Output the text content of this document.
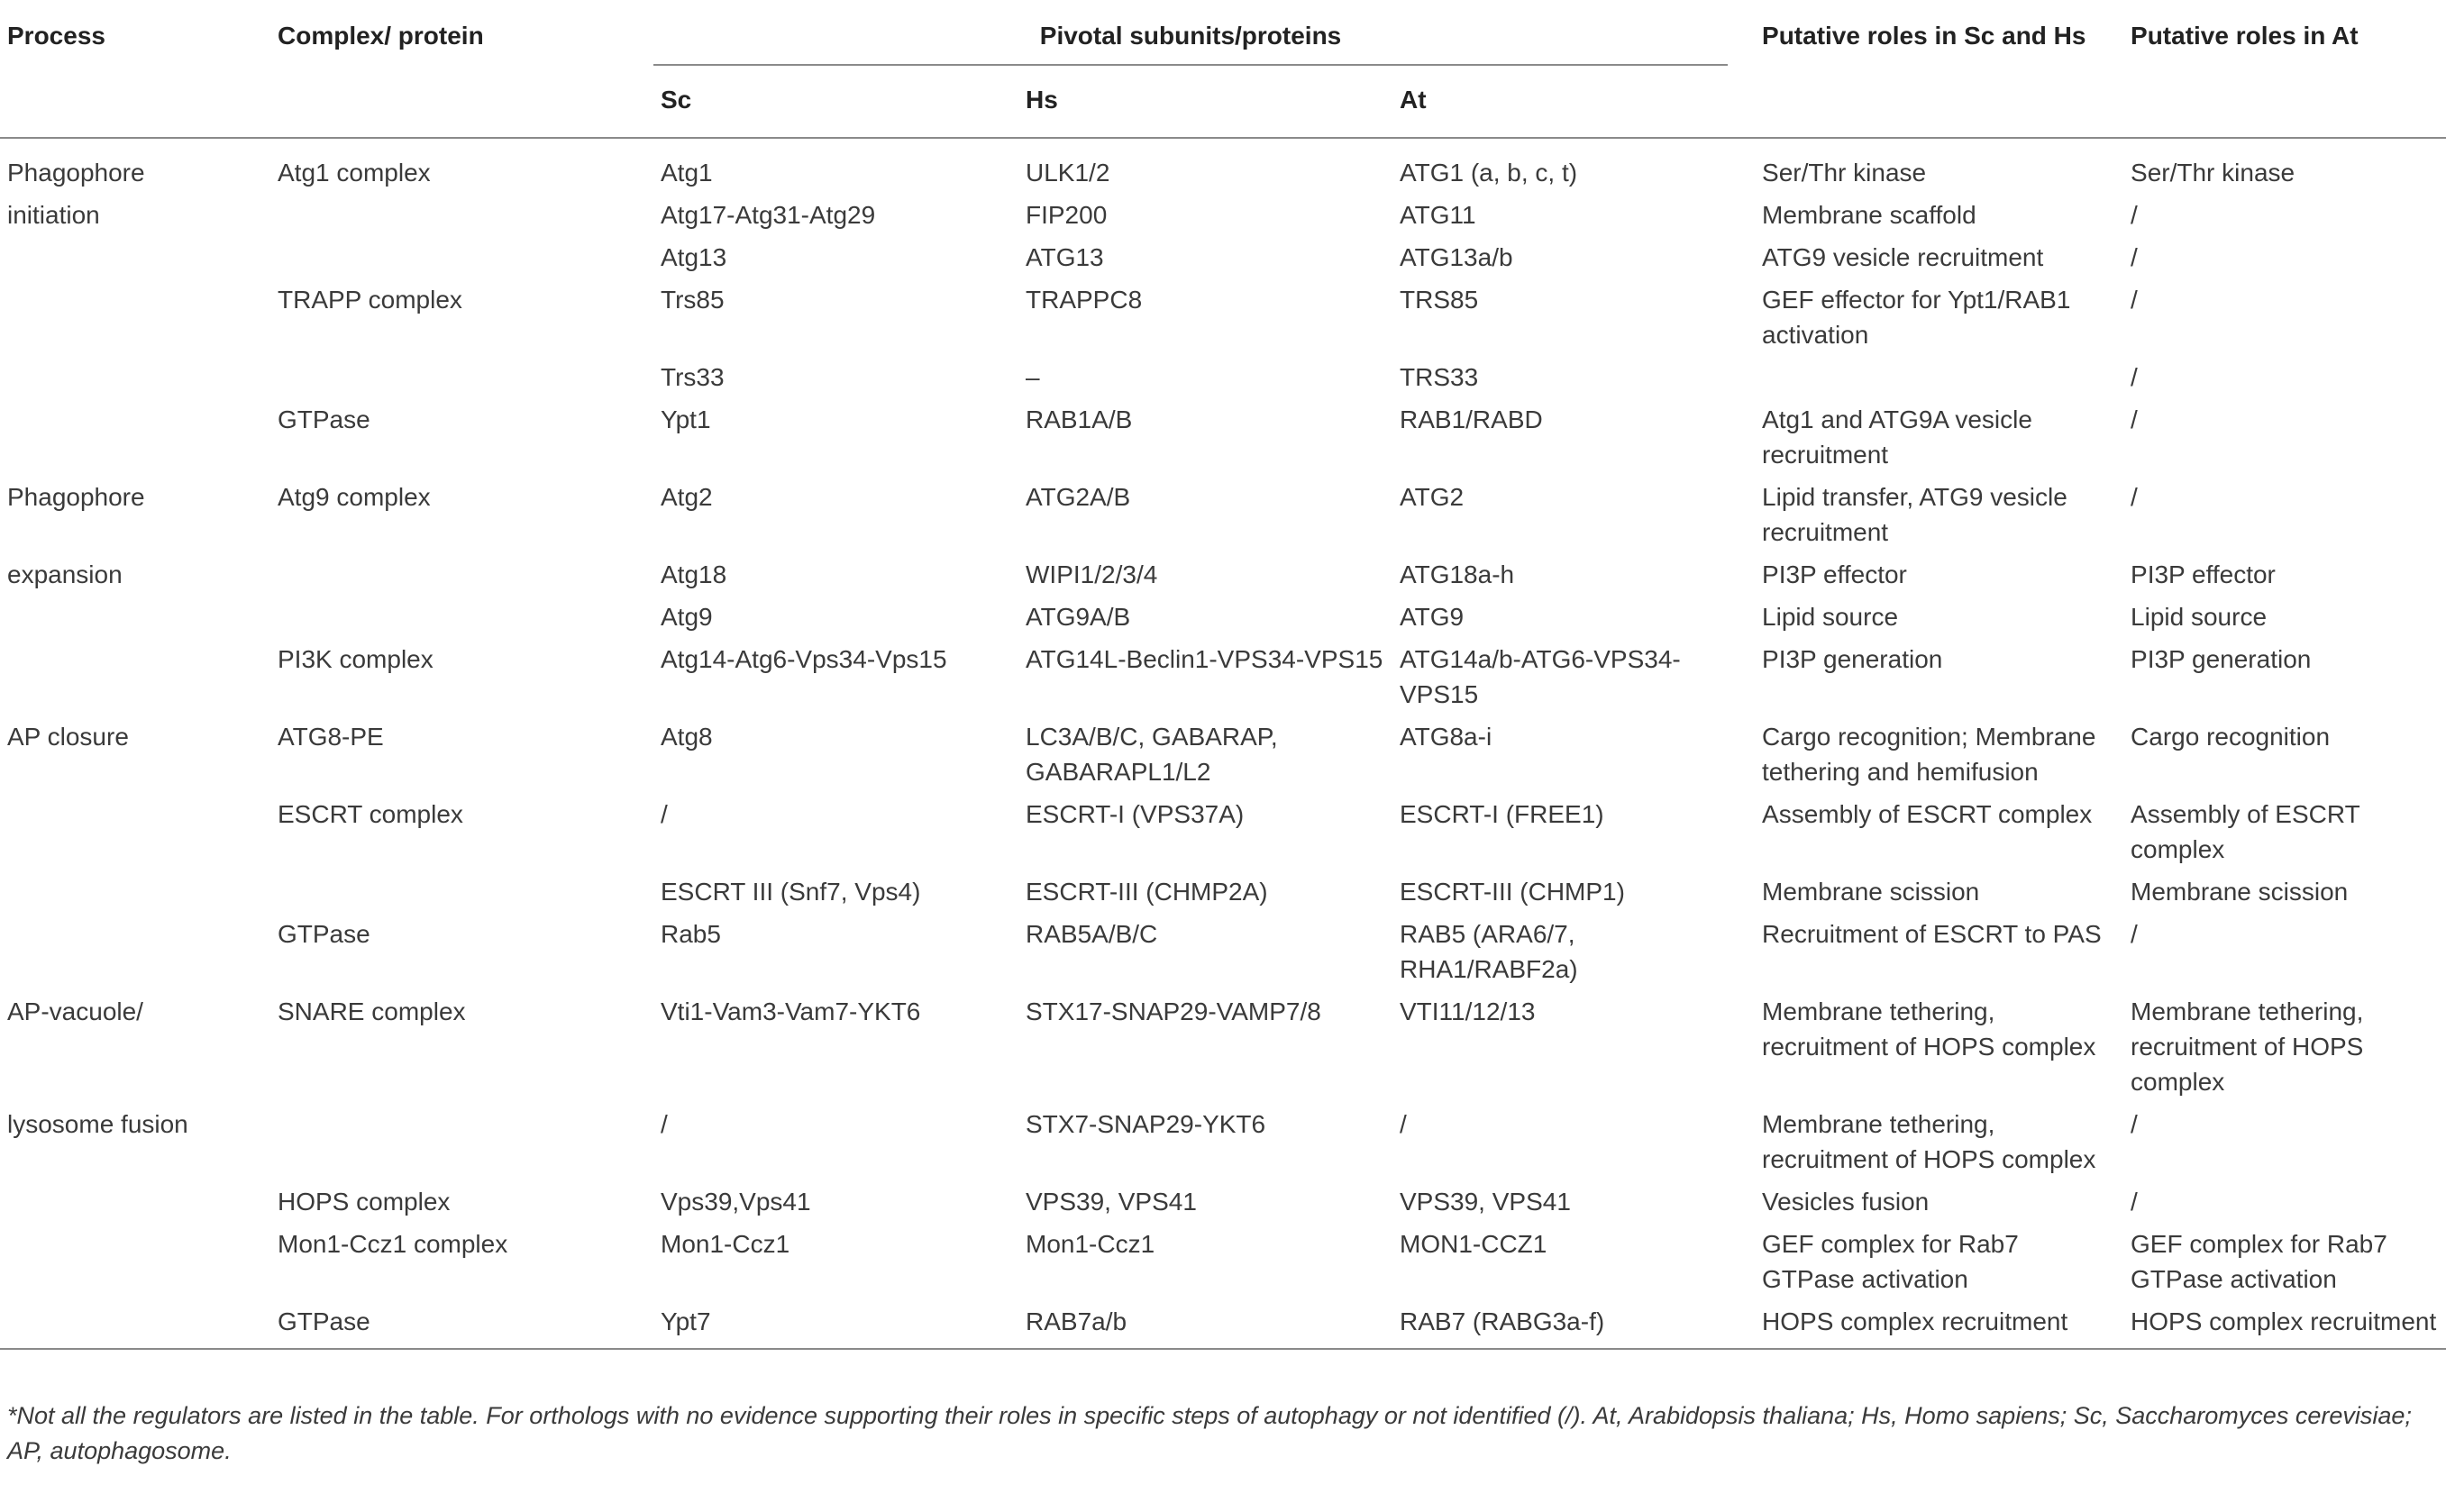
Process	Complex/ protein	Pivotal subunits/proteins			Putative roles in Sc and Hs	Putative roles in At
		Sc	Hs	At		
Phagophore	Atg1 complex	Atg1	ULK1/2	ATG1 (a, b, c, t)	Ser/Thr kinase	Ser/Thr kinase
initiation		Atg17-Atg31-Atg29	FIP200	ATG11	Membrane scaffold	/
		Atg13	ATG13	ATG13a/b	ATG9 vesicle recruitment	/
	TRAPP complex	Trs85	TRAPPC8	TRS85	GEF effector for Ypt1/RAB1 activation	/
		Trs33	–	TRS33		/
	GTPase	Ypt1	RAB1A/B	RAB1/RABD	Atg1 and ATG9A vesicle recruitment	/
Phagophore	Atg9 complex	Atg2	ATG2A/B	ATG2	Lipid transfer, ATG9 vesicle recruitment	/
expansion		Atg18	WIPI1/2/3/4	ATG18a-h	PI3P effector	PI3P effector
		Atg9	ATG9A/B	ATG9	Lipid source	Lipid source
	PI3K complex	Atg14-Atg6-Vps34-Vps15	ATG14L-Beclin1-VPS34-VPS15	ATG14a/b-ATG6-VPS34-VPS15	PI3P generation	PI3P generation
AP closure	ATG8-PE	Atg8	LC3A/B/C, GABARAP, GABARAPL1/L2	ATG8a-i	Cargo recognition; Membrane tethering and hemifusion	Cargo recognition
	ESCRT complex	/	ESCRT-I (VPS37A)	ESCRT-I (FREE1)	Assembly of ESCRT complex	Assembly of ESCRT complex
		ESCRT III (Snf7, Vps4)	ESCRT-III (CHMP2A)	ESCRT-III (CHMP1)	Membrane scission	Membrane scission
	GTPase	Rab5	RAB5A/B/C	RAB5 (ARA6/7, RHA1/RABF2a)	Recruitment of ESCRT to PAS	/
AP-vacuole/	SNARE complex	Vti1-Vam3-Vam7-YKT6	STX17-SNAP29-VAMP7/8	VTI11/12/13	Membrane tethering, recruitment of HOPS complex	Membrane tethering, recruitment of HOPS complex
lysosome fusion		/	STX7-SNAP29-YKT6	/	Membrane tethering, recruitment of HOPS complex	/
	HOPS complex	Vps39,Vps41	VPS39, VPS41	VPS39, VPS41	Vesicles fusion	/
	Mon1-Ccz1 complex	Mon1-Ccz1	Mon1-Ccz1	MON1-CCZ1	GEF complex for Rab7 GTPase activation	GEF complex for Rab7 GTPase activation
	GTPase	Ypt7	RAB7a/b	RAB7 (RABG3a-f)	HOPS complex recruitment	HOPS complex recruitment
*Not all the regulators are listed in the table. For orthologs with no evidence supporting their roles in specific steps of autophagy or not identified (/). At, Arabidopsis thaliana; Hs, Homo sapiens; Sc, Saccharomyces cerevisiae; AP, autophagosome.
